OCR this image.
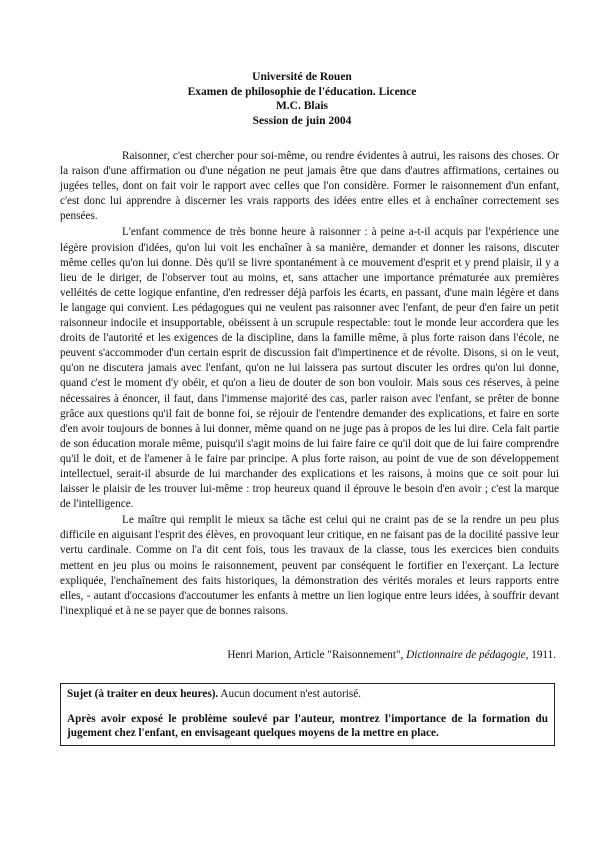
Université de Rouen
Examen de philosophie de l'éducation. Licence
M.C. Blais
Session de juin 2004

Raisonner, c'est chercher pour soi-même, ou rendre évidentes à autrui, les raisons des choses. Or la raison d'une affirmation ou d'une négation ne peut jamais être que dans d'autres affirmations, certaines ou jugées telles, dont on fait voir le rapport avec celles que l'on considère. Former le raisonnement d'un enfant, c'est donc lui apprendre à discerner les vrais rapports des idées entre elles et à enchaîner correctement ses pensées.

L'enfant commence de très bonne heure à raisonner : à peine a-t-il acquis par l'expérience une légère provision d'idées, qu'on lui voit les enchaîner à sa manière, demander et donner les raisons, discuter même celles qu'on lui donne. Dès qu'il se livre spontanément à ce mouvement d'esprit et y prend plaisir, il y a lieu de le diriger, de l'observer tout au moins, et, sans attacher une importance prématurée aux premières velléités de cette logique enfantine, d'en redresser déjà parfois les écarts, en passant, d'une main légère et dans le langage qui convient. Les pédagogues qui ne veulent pas raisonner avec l'enfant, de peur d'en faire un petit raisonneur indocile et insupportable, obéissent à un scrupule respectable: tout le monde leur accordera que les droits de l'autorité et les exigences de la discipline, dans la famille même, à plus forte raison dans l'école, ne peuvent s'accommoder d'un certain esprit de discussion fait d'impertinence et de révolte. Disons, si on le veut, qu'on ne discutera jamais avec l'enfant, qu'on ne lui laissera pas surtout discuter les ordres qu'on lui donne, quand c'est le moment d'y obéir, et qu'on a lieu de douter de son bon vouloir. Mais sous ces réserves, à peine nécessaires à énoncer, il faut, dans l'immense majorité des cas, parler raison avec l'enfant, se prêter de bonne grâce aux questions qu'il fait de bonne foi, se réjouir de l'entendre demander des explications, et faire en sorte d'en avoir toujours de bonnes à lui donner, même quand on ne juge pas à propos de les lui dire. Cela fait partie de son éducation morale même, puisqu'il s'agit moins de lui faire faire ce qu'il doit que de lui faire comprendre qu'il le doit, et de l'amener à le faire par principe. A plus forte raison, au point de vue de son développement intellectuel, serait-il absurde de lui marchander des explications et les raisons, à moins que ce soit pour lui laisser le plaisir de les trouver lui-même : trop heureux quand il éprouve le besoin d'en avoir ; c'est la marque de l'intelligence.

Le maître qui remplit le mieux sa tâche est celui qui ne craint pas de se la rendre un peu plus difficile en aiguisant l'esprit des élèves, en provoquant leur critique, en ne faisant pas de la docilité passive leur vertu cardinale. Comme on l'a dit cent fois, tous les travaux de la classe, tous les exercices bien conduits mettent en jeu plus ou moins le raisonnement, peuvent par conséquent le fortifier en l'exerçant. La lecture expliquée, l'enchaînement des faits historiques, la démonstration des vérités morales et leurs rapports entre elles, - autant d'occasions d'accoutumer les enfants à mettre un lien logique entre leurs idées, à souffrir devant l'inexpliqué et à ne se payer que de bonnes raisons.

Henri Marion, Article "Raisonnement", Dictionnaire de pédagogie, 1911.
Sujet (à traiter en deux heures). Aucun document n'est autorisé.
Après avoir exposé le problème soulevé par l'auteur, montrez l'importance de la formation du jugement chez l'enfant, en envisageant quelques moyens de la mettre en place.
